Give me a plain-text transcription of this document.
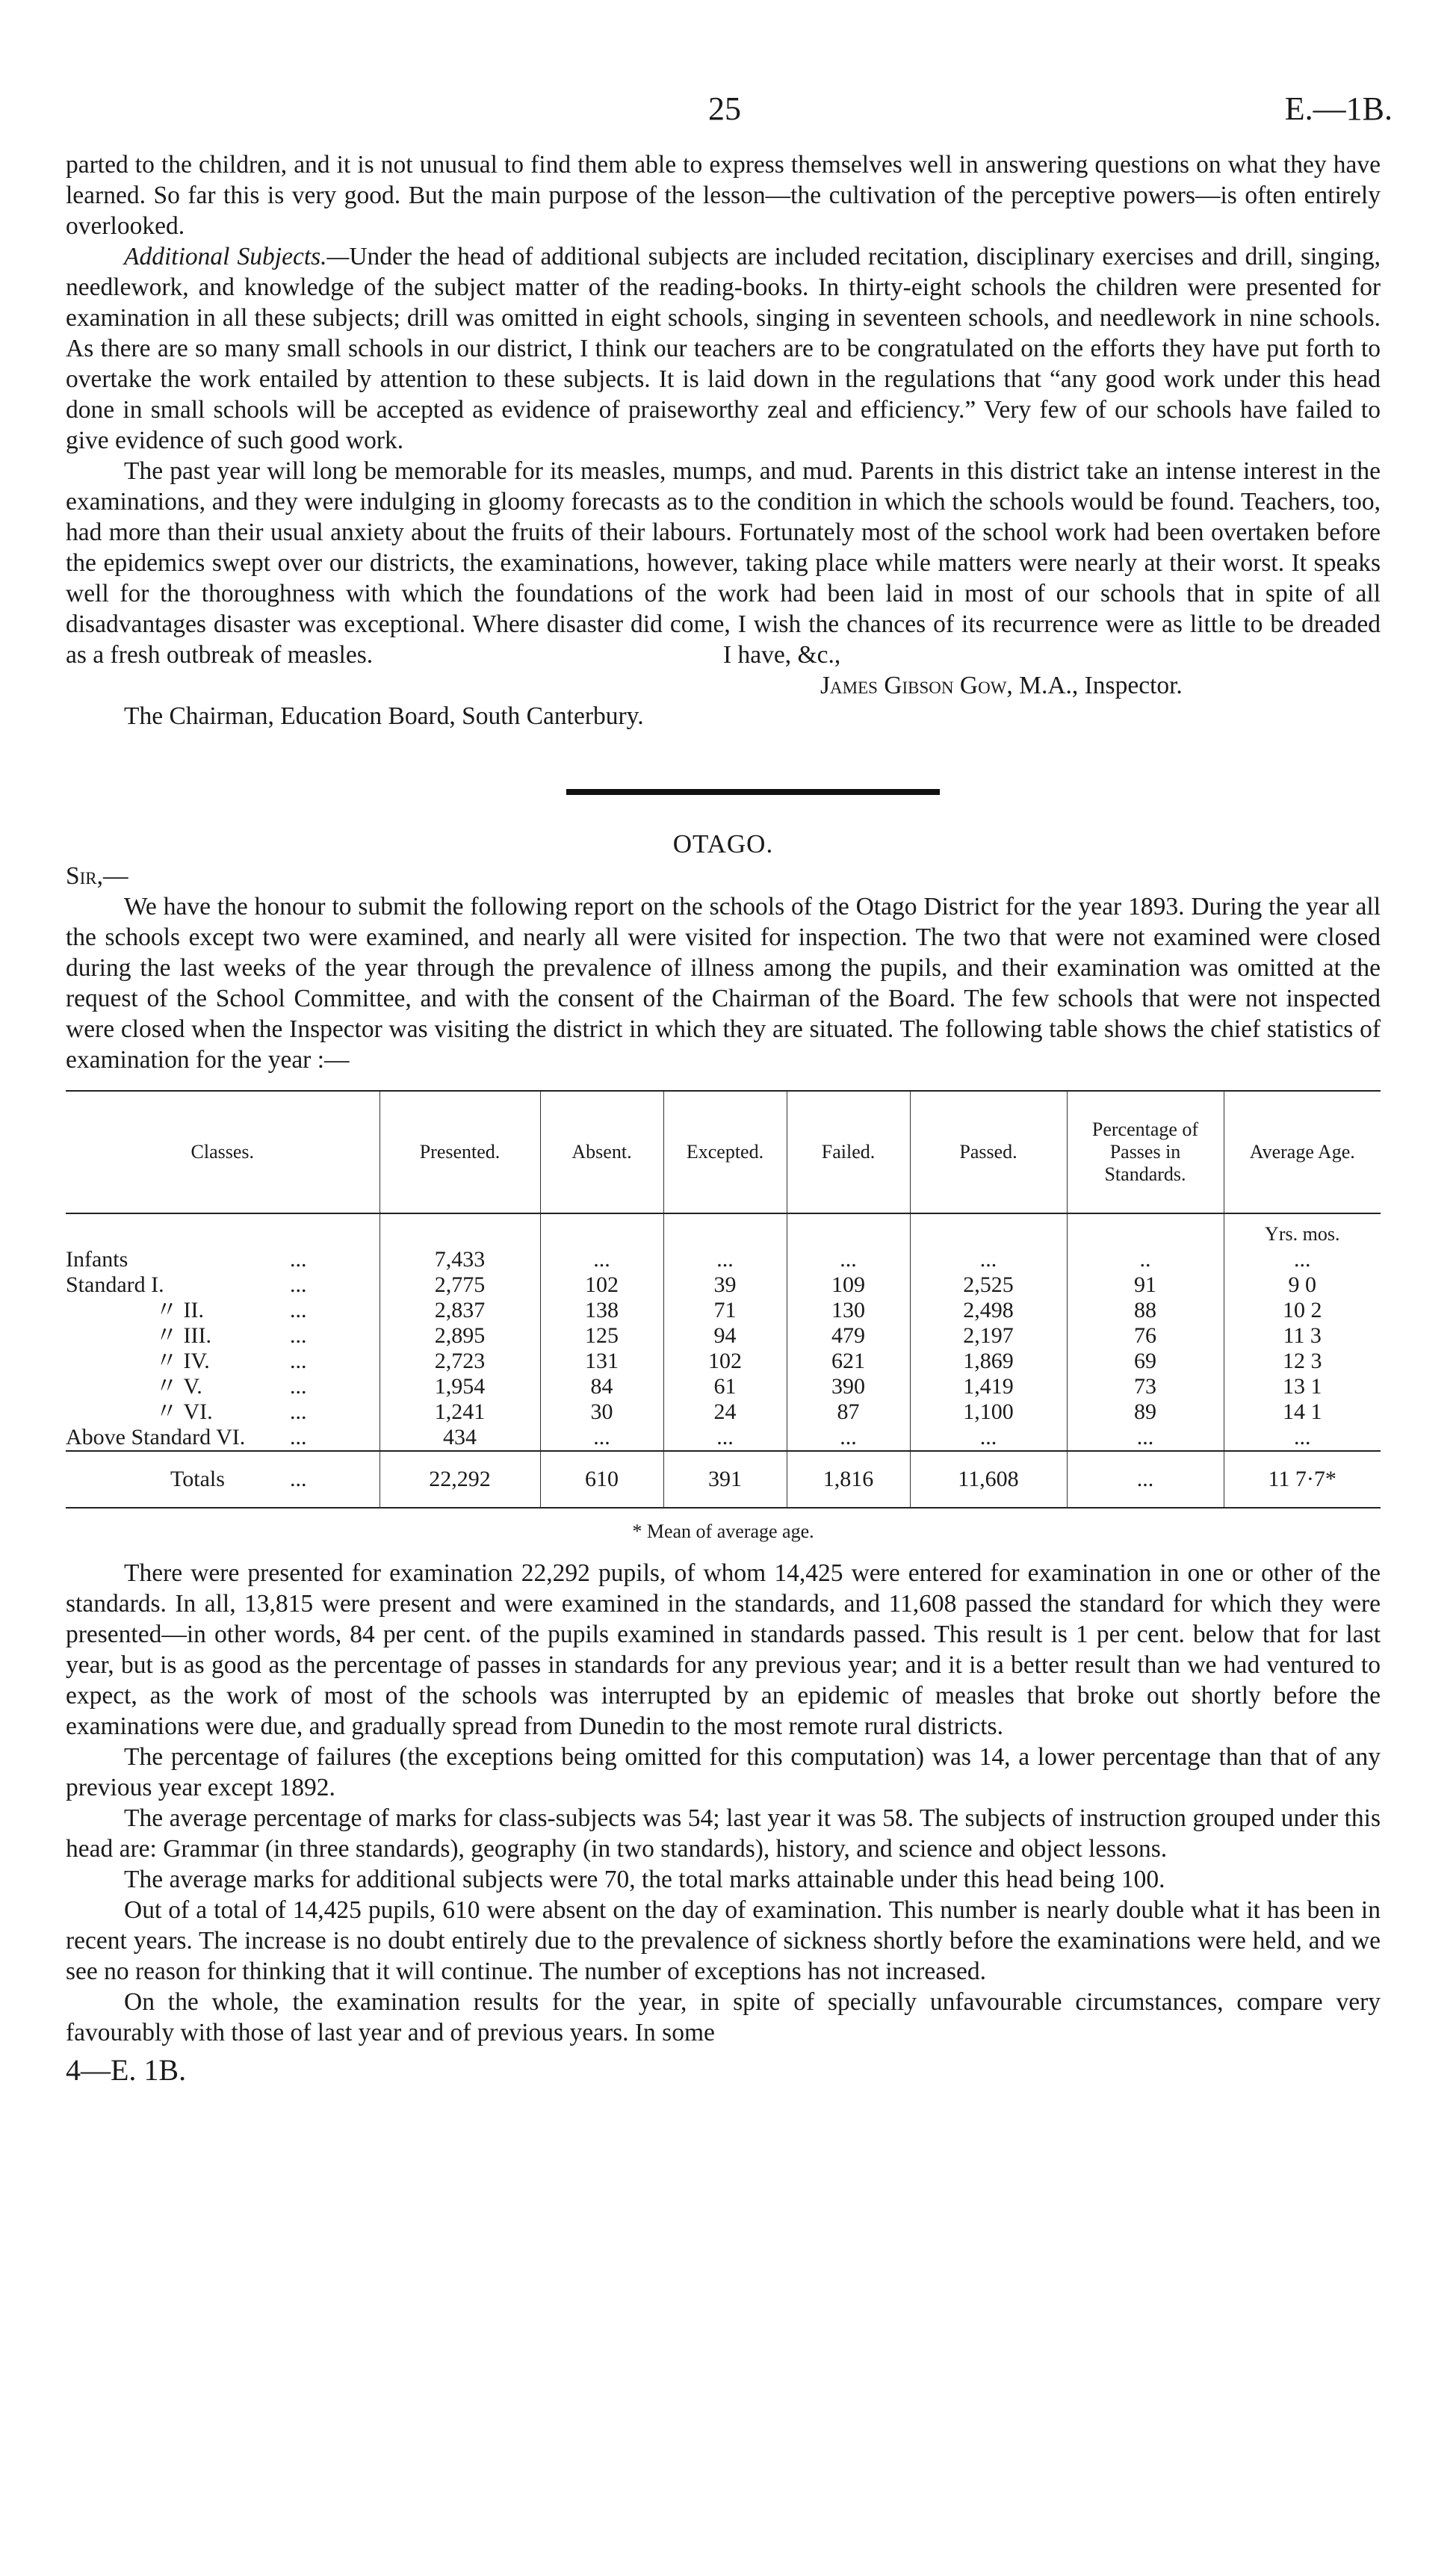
25	E.—1B.

parted to the children, and it is not unusual to find them able to express themselves well in answering questions on what they have learned. So far this is very good. But the main purpose of the lesson—the cultivation of the perceptive powers—is often entirely overlooked.

Additional Subjects.—Under the head of additional subjects are included recitation, disciplinary exercises and drill, singing, needlework, and knowledge of the subject matter of the reading-books. In thirty-eight schools the children were presented for examination in all these subjects; drill was omitted in eight schools, singing in seventeen schools, and needlework in nine schools. As there are so many small schools in our district, I think our teachers are to be congratulated on the efforts they have put forth to overtake the work entailed by attention to these subjects. It is laid down in the regulations that “any good work under this head done in small schools will be accepted as evidence of praiseworthy zeal and efficiency.” Very few of our schools have failed to give evidence of such good work.

The past year will long be memorable for its measles, mumps, and mud. Parents in this district take an intense interest in the examinations, and they were indulging in gloomy forecasts as to the condition in which the schools would be found. Teachers, too, had more than their usual anxiety about the fruits of their labours. Fortunately most of the school work had been overtaken before the epidemics swept over our districts, the examinations, however, taking place while matters were nearly at their worst. It speaks well for the thoroughness with which the foundations of the work had been laid in most of our schools that in spite of all disadvantages disaster was exceptional. Where disaster did come, I wish the chances of its recurrence were as little to be dreaded as a fresh outbreak of measles.	I have, &c.,
James Gibson Gow, M.A., Inspector.
The Chairman, Education Board, South Canterbury.
OTAGO.
Sir,—

We have the honour to submit the following report on the schools of the Otago District for the year 1893. During the year all the schools except two were examined, and nearly all were visited for inspection. The two that were not examined were closed during the last weeks of the year through the prevalence of illness among the pupils, and their examination was omitted at the request of the School Committee, and with the consent of the Chairman of the Board. The few schools that were not inspected were closed when the Inspector was visiting the district in which they are situated. The following table shows the chief statistics of examination for the year :—

Classes.	Presented.	Absent.	Excepted.	Failed.	Passed.	Percentage of Passes in Standards.	Average Age.
							Yrs. mos.
Infants ...	7,433	...	...	...	...	..	...
Standard I. ...	2,775	102	39	109	2,525	91	9 0
〃 II. ...	2,837	138	71	130	2,498	88	10 2
〃 III. ...	2,895	125	94	479	2,197	76	11 3
〃 IV. ...	2,723	131	102	621	1,869	69	12 3
〃 V. ...	1,954	84	61	390	1,419	73	13 1
〃 VI. ...	1,241	30	24	87	1,100	89	14 1
Above Standard VI. ...	434	...	...	...	...	...	...
Totals ...	22,292	610	391	1,816	11,608	...	11 7·7*
* Mean of average age.

There were presented for examination 22,292 pupils, of whom 14,425 were entered for examination in one or other of the standards. In all, 13,815 were present and were examined in the standards, and 11,608 passed the standard for which they were presented—in other words, 84 per cent. of the pupils examined in standards passed. This result is 1 per cent. below that for last year, but is as good as the percentage of passes in standards for any previous year; and it is a better result than we had ventured to expect, as the work of most of the schools was interrupted by an epidemic of measles that broke out shortly before the examinations were due, and gradually spread from Dunedin to the most remote rural districts.

The percentage of failures (the exceptions being omitted for this computation) was 14, a lower percentage than that of any previous year except 1892.

The average percentage of marks for class-subjects was 54; last year it was 58. The subjects of instruction grouped under this head are: Grammar (in three standards), geography (in two standards), history, and science and object lessons.

The average marks for additional subjects were 70, the total marks attainable under this head being 100.

Out of a total of 14,425 pupils, 610 were absent on the day of examination. This number is nearly double what it has been in recent years. The increase is no doubt entirely due to the prevalence of sickness shortly before the examinations were held, and we see no reason for thinking that it will continue. The number of exceptions has not increased.

On the whole, the examination results for the year, in spite of specially unfavourable circumstances, compare very favourably with those of last year and of previous years. In some

4—E. 1B.
